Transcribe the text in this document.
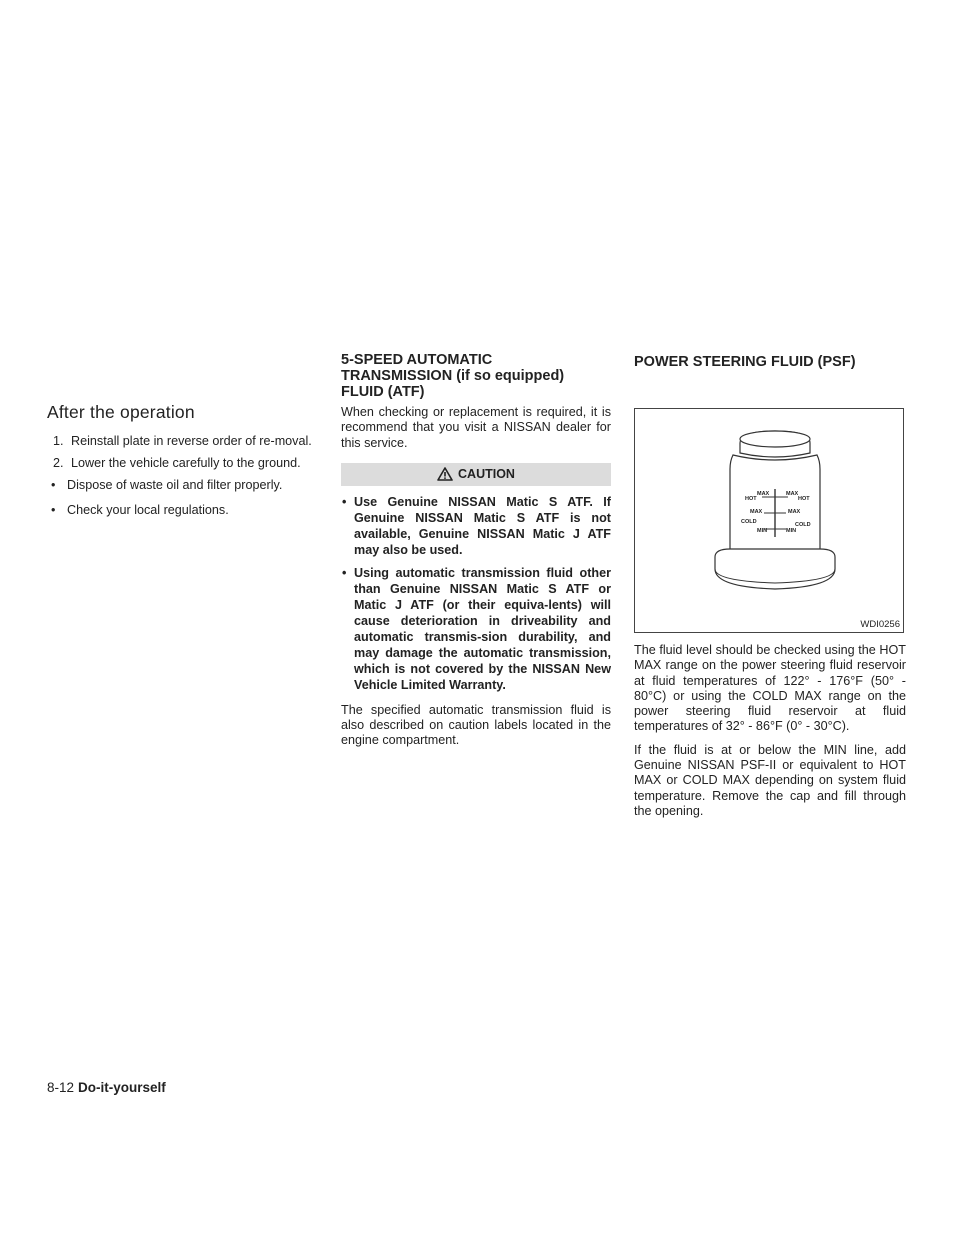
After the operation
1. Reinstall plate in reverse order of re-moval.
2. Lower the vehicle carefully to the ground.
• Dispose of waste oil and filter properly.
• Check your local regulations.
5-SPEED AUTOMATIC
TRANSMISSION (if so equipped)
FLUID (ATF)

When checking or replacement is required, it is recommend that you visit a NISSAN dealer for this service.

CAUTION
• Use Genuine NISSAN Matic S ATF. If Genuine NISSAN Matic S ATF is not available, Genuine NISSAN Matic J ATF may also be used.
• Using automatic transmission fluid other than Genuine NISSAN Matic S ATF or Matic J ATF (or their equiva-lents) will cause deterioration in driveability and automatic transmis-sion durability, and may damage the automatic transmission, which is not covered by the NISSAN New Vehicle Limited Warranty.

The specified automatic transmission fluid is also described on caution labels located in the engine compartment.

POWER STEERING FLUID (PSF)
HOT
MAX	MAX
HOT
MAX	MAX
COLD	COLD
MIN	MIN
WDI0256

The fluid level should be checked using the HOT MAX range on the power steering fluid reservoir at fluid temperatures of 122° - 176°F (50° - 80°C) or using the COLD MAX range on the power steering fluid reservoir at fluid temperatures of 32° - 86°F (0° - 30°C).

If the fluid is at or below the MIN line, add Genuine NISSAN PSF-II or equivalent to HOT MAX or COLD MAX depending on system fluid temperature. Remove the cap and fill through the opening.

8-12 Do-it-yourself
